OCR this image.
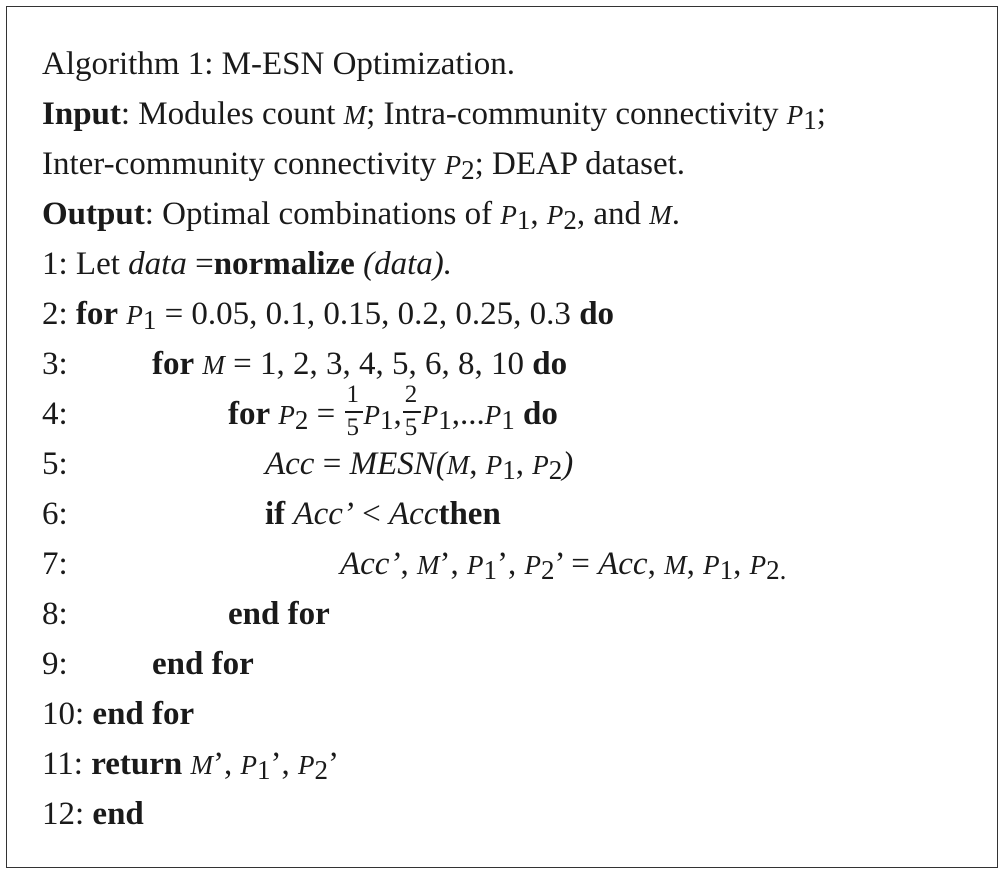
Algorithm 1: M-ESN Optimization.
Input: Modules count M; Intra-community connectivity $P_1$;
Inter-community connectivity $P_2$; DEAP dataset.
Output: Optimal combinations of $P_1$, $P_2$, and M.
1: Let data =normalize (data).
2: for $P_1 = 0.05$, 0.1, 0.15, 0.2, 0.25, 0.3 do
3:	for M = 1, 2, 3, 4, 5, 6, 8, 10 do
4:	for $P_2 = \frac{1}{5} P_1$, $\frac{2}{5} P_1,...P_1$ do
5:	Acc = MESN(M, $P_1$, $P_2$)
6:	if Acc’ < Accthen
7:	Acc’, M’, $P_1$’, $P_2$’ = Acc, M, $P_1$, $P_{2.}$
8:	end for
9:	end for
10: end for
11: return M’, $P_1$’, $P_2$’
12: end
